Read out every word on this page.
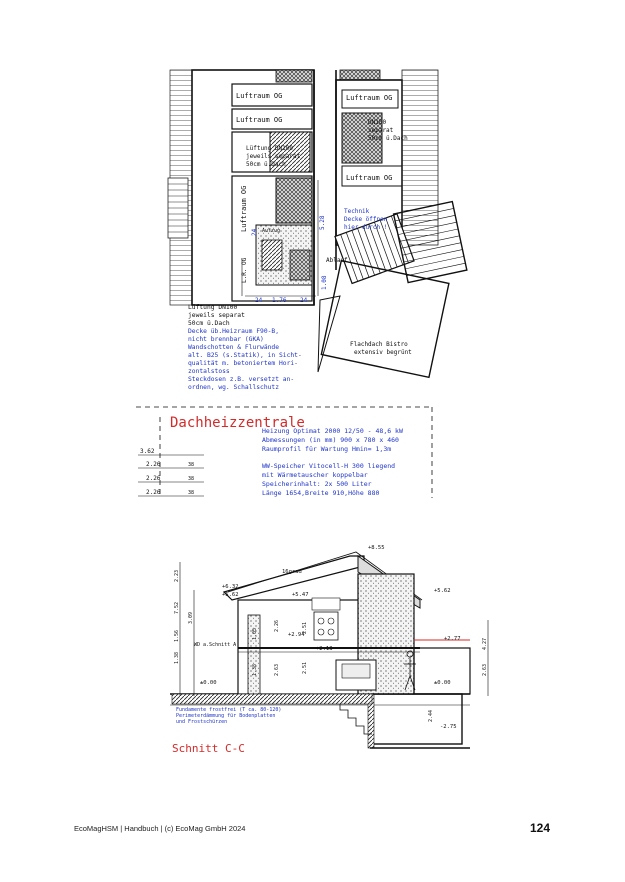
Luftraum OG
Luftraum OG
Luftraum OG
Luftraum OG
Luftraum OG
L.R. OG
Lüftung DN100
jeweils separat
50cm ü.Dach
DN100
separat
50cm ü.Dach
Technik
Decke öffnen
hier durch !
Ablauf
Aufzug
Flachdach Bistro
extensiv begrünt
24 1.76 24
5.28
24
1.08
Lüftung DN100
jeweils separat
50cm ü.Dach
Decke üb.Heizraum F90-B,
nicht brennbar (GKA)
Wandschotten & Flurwände
alt. B25 (s.Statik), in Sicht-
qualität m. betoniertem Hori-
zontalstoss
Steckdosen z.B. versetzt an-
ordnen, wg. Schallschutz
Dachheizzentrale
Heizung Optimat 2000 12/50 - 48,6 kW
Abmessungen (in mm) 900 x 780 x 460
Raumprofil für Wartung Hmin= 1,3m
WW-Speicher Vitocell-H 300 liegend
mit Wärmetauscher koppelbar
Speicherinhalt: 2x 500 Liter
Länge 1654,Breite 910,Höhe 880
3.62
2.26
2.26
2.26
38
38
38
+8.55
+6.32
+5.62
+5.62	+5.47
+2.94
+2.77
+2.13
±0.00	±0.00
-2.75
16grad
WD a.Schnitt A
Fundamente frostfrei (T ca. 80-120)
Perimeterdämmung für Bodenplatten
und Frostschürzen
2.23
7.52
3.09
1.56
1.38
4.27
2.63
2.51
2.44
2.26
2.63	2.51
1.05
1.38
Schnitt C-C
EcoMagHSM | Handbuch | (c) EcoMag GmbH 2024	124
